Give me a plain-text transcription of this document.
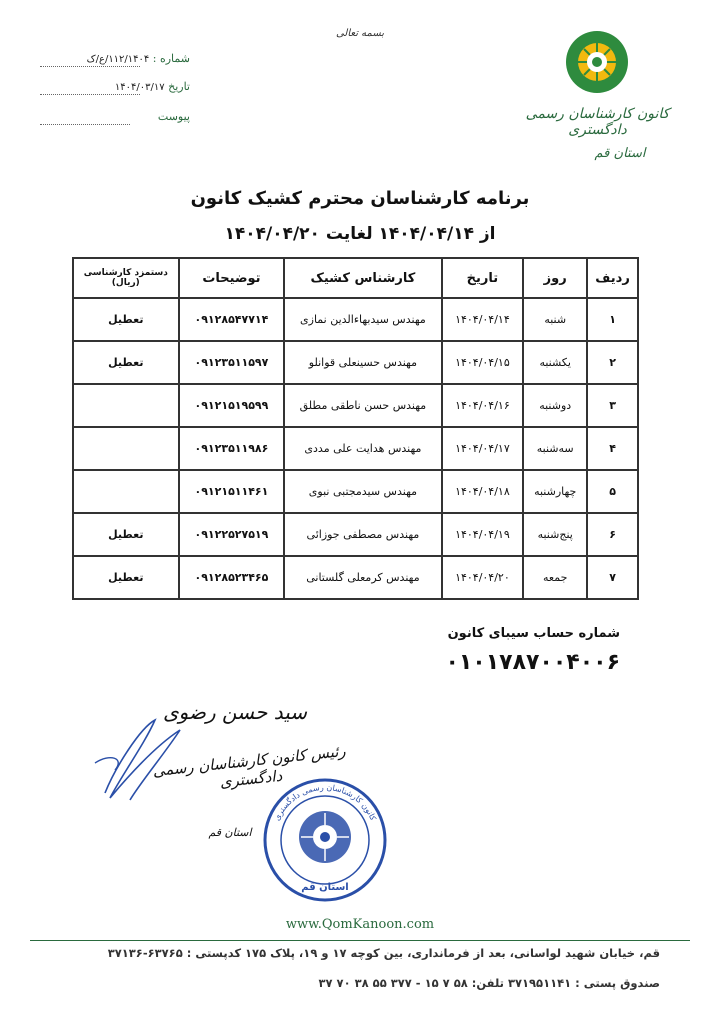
بسمه تعالی
شماره : ۱۱۲/۱۴۰۴/ع/ک
تاریخ ۱۴۰۴/۰۳/۱۷
پیوست	کانون کارشناسان رسمی دادگستری
استان قم
برنامه کارشناسان محترم کشیک کانون
از ۱۴۰۴/۰۴/۱۴ لغایت ۱۴۰۴/۰۴/۲۰
ردیف	روز	تاریخ	کارشناس کشیک	توضیحات	دستمزد کارشناسی (ریال)
۱	شنبه	۱۴۰۴/۰۴/۱۴	مهندس سیدبهاءالدین نمازی	۰۹۱۲۸۵۴۷۷۱۴	تعطیل
۲	یکشنبه	۱۴۰۴/۰۴/۱۵	مهندس حسینعلی قوانلو	۰۹۱۲۳۵۱۱۵۹۷	تعطیل
۳	دوشنبه	۱۴۰۴/۰۴/۱۶	مهندس حسن ناطقی مطلق	۰۹۱۲۱۵۱۹۵۹۹	
۴	سه‌شنبه	۱۴۰۴/۰۴/۱۷	مهندس هدایت علی مددی	۰۹۱۲۳۵۱۱۹۸۶	
۵	چهارشنبه	۱۴۰۴/۰۴/۱۸	مهندس سیدمجتبی نبوی	۰۹۱۲۱۵۱۱۴۶۱	
۶	پنج‌شنبه	۱۴۰۴/۰۴/۱۹	مهندس مصطفی جوزائی	۰۹۱۲۲۵۲۷۵۱۹	تعطیل
۷	جمعه	۱۴۰۴/۰۴/۲۰	مهندس کرمعلی گلستانی	۰۹۱۲۸۵۲۳۴۶۵	تعطیل
شماره حساب سیبای کانون
۰۱۰۱۷۸۷۰۰۴۰۰۶
سید حسن رضوی
رئیس کانون کارشناسان رسمی دادگستری
استان قم
استان قم
کانون کارشناسان رسمی دادگستری
www.QomKanoon.com
قم، خیابان شهید لواسانی، بعد از فرمانداری، بین کوچه ۱۷ و ۱۹، پلاک ۱۷۵ کدپستی : ۶۳۷۶۵-۳۷۱۳۶
صندوق پستی : ۳۷۱۹۵۱۱۴۱ تلفن: ۵۸ ۷ ۱۵ - ۳۷۷ ۵۵ ۳۸ ۷۰ ۳۷
